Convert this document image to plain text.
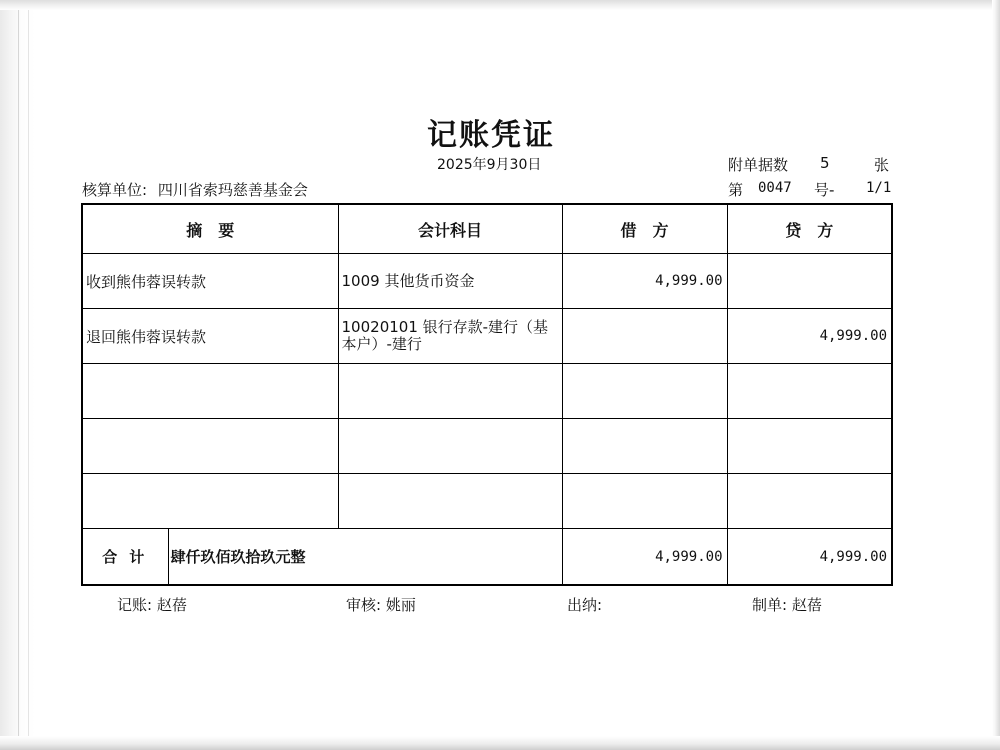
记账凭证
2025年9月30日	附单据数 5	张
核算单位: 四川省索玛慈善基金会	第 0047 号- 1/1
摘　要		会计科目	借　方	贷　方
收到熊伟蓉误转款		1009 其他货币资金	4,999.00	
退回熊伟蓉误转款		10020101 银行存款-建行（基本户）-建行		4,999.00

合计	肆仟玖佰玖拾玖元整		4,999.00	4,999.00
记账: 赵蓓	审核: 姚丽	出纳:	制单: 赵蓓
